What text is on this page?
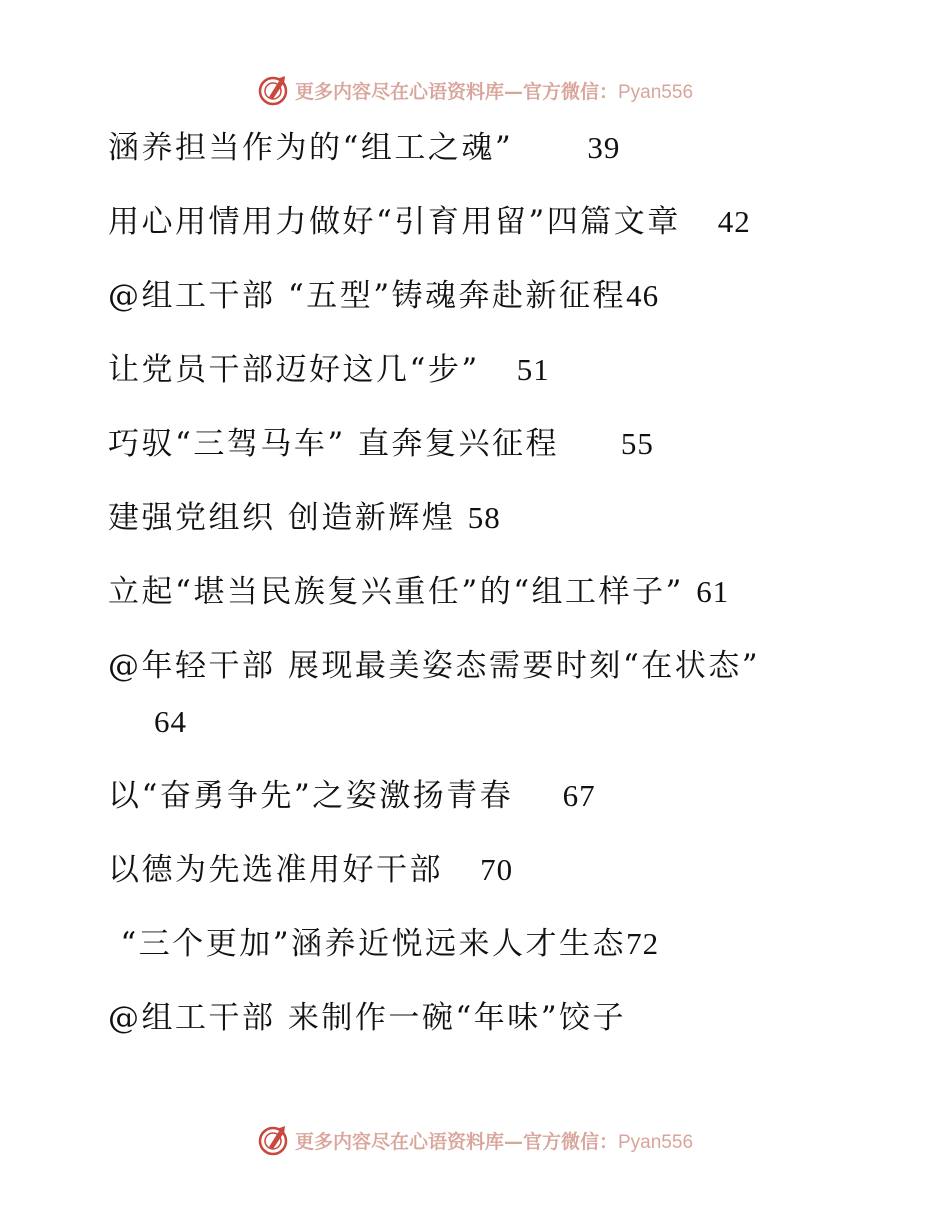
更多内容尽在心语资料库—官方微信：Pyan556
涵养担当作为的“组工之魂” 39
用心用情用力做好“引育用留”四篇文章 42
@组工干部 “五型”铸魂奔赴新征程46
让党员干部迈好这几“步” 51
巧驭“三驾马车” 直奔复兴征程 55
建强党组织 创造新辉煌 58
立起“堪当民族复兴重任”的“组工样子” 61
@年轻干部 展现最美姿态需要时刻“在状态”
64
以“奋勇争先”之姿激扬青春 67
以德为先选准用好干部 70
“三个更加”涵养近悦远来人才生态72
@组工干部 来制作一碗“年味”饺子
更多内容尽在心语资料库—官方微信：Pyan556
